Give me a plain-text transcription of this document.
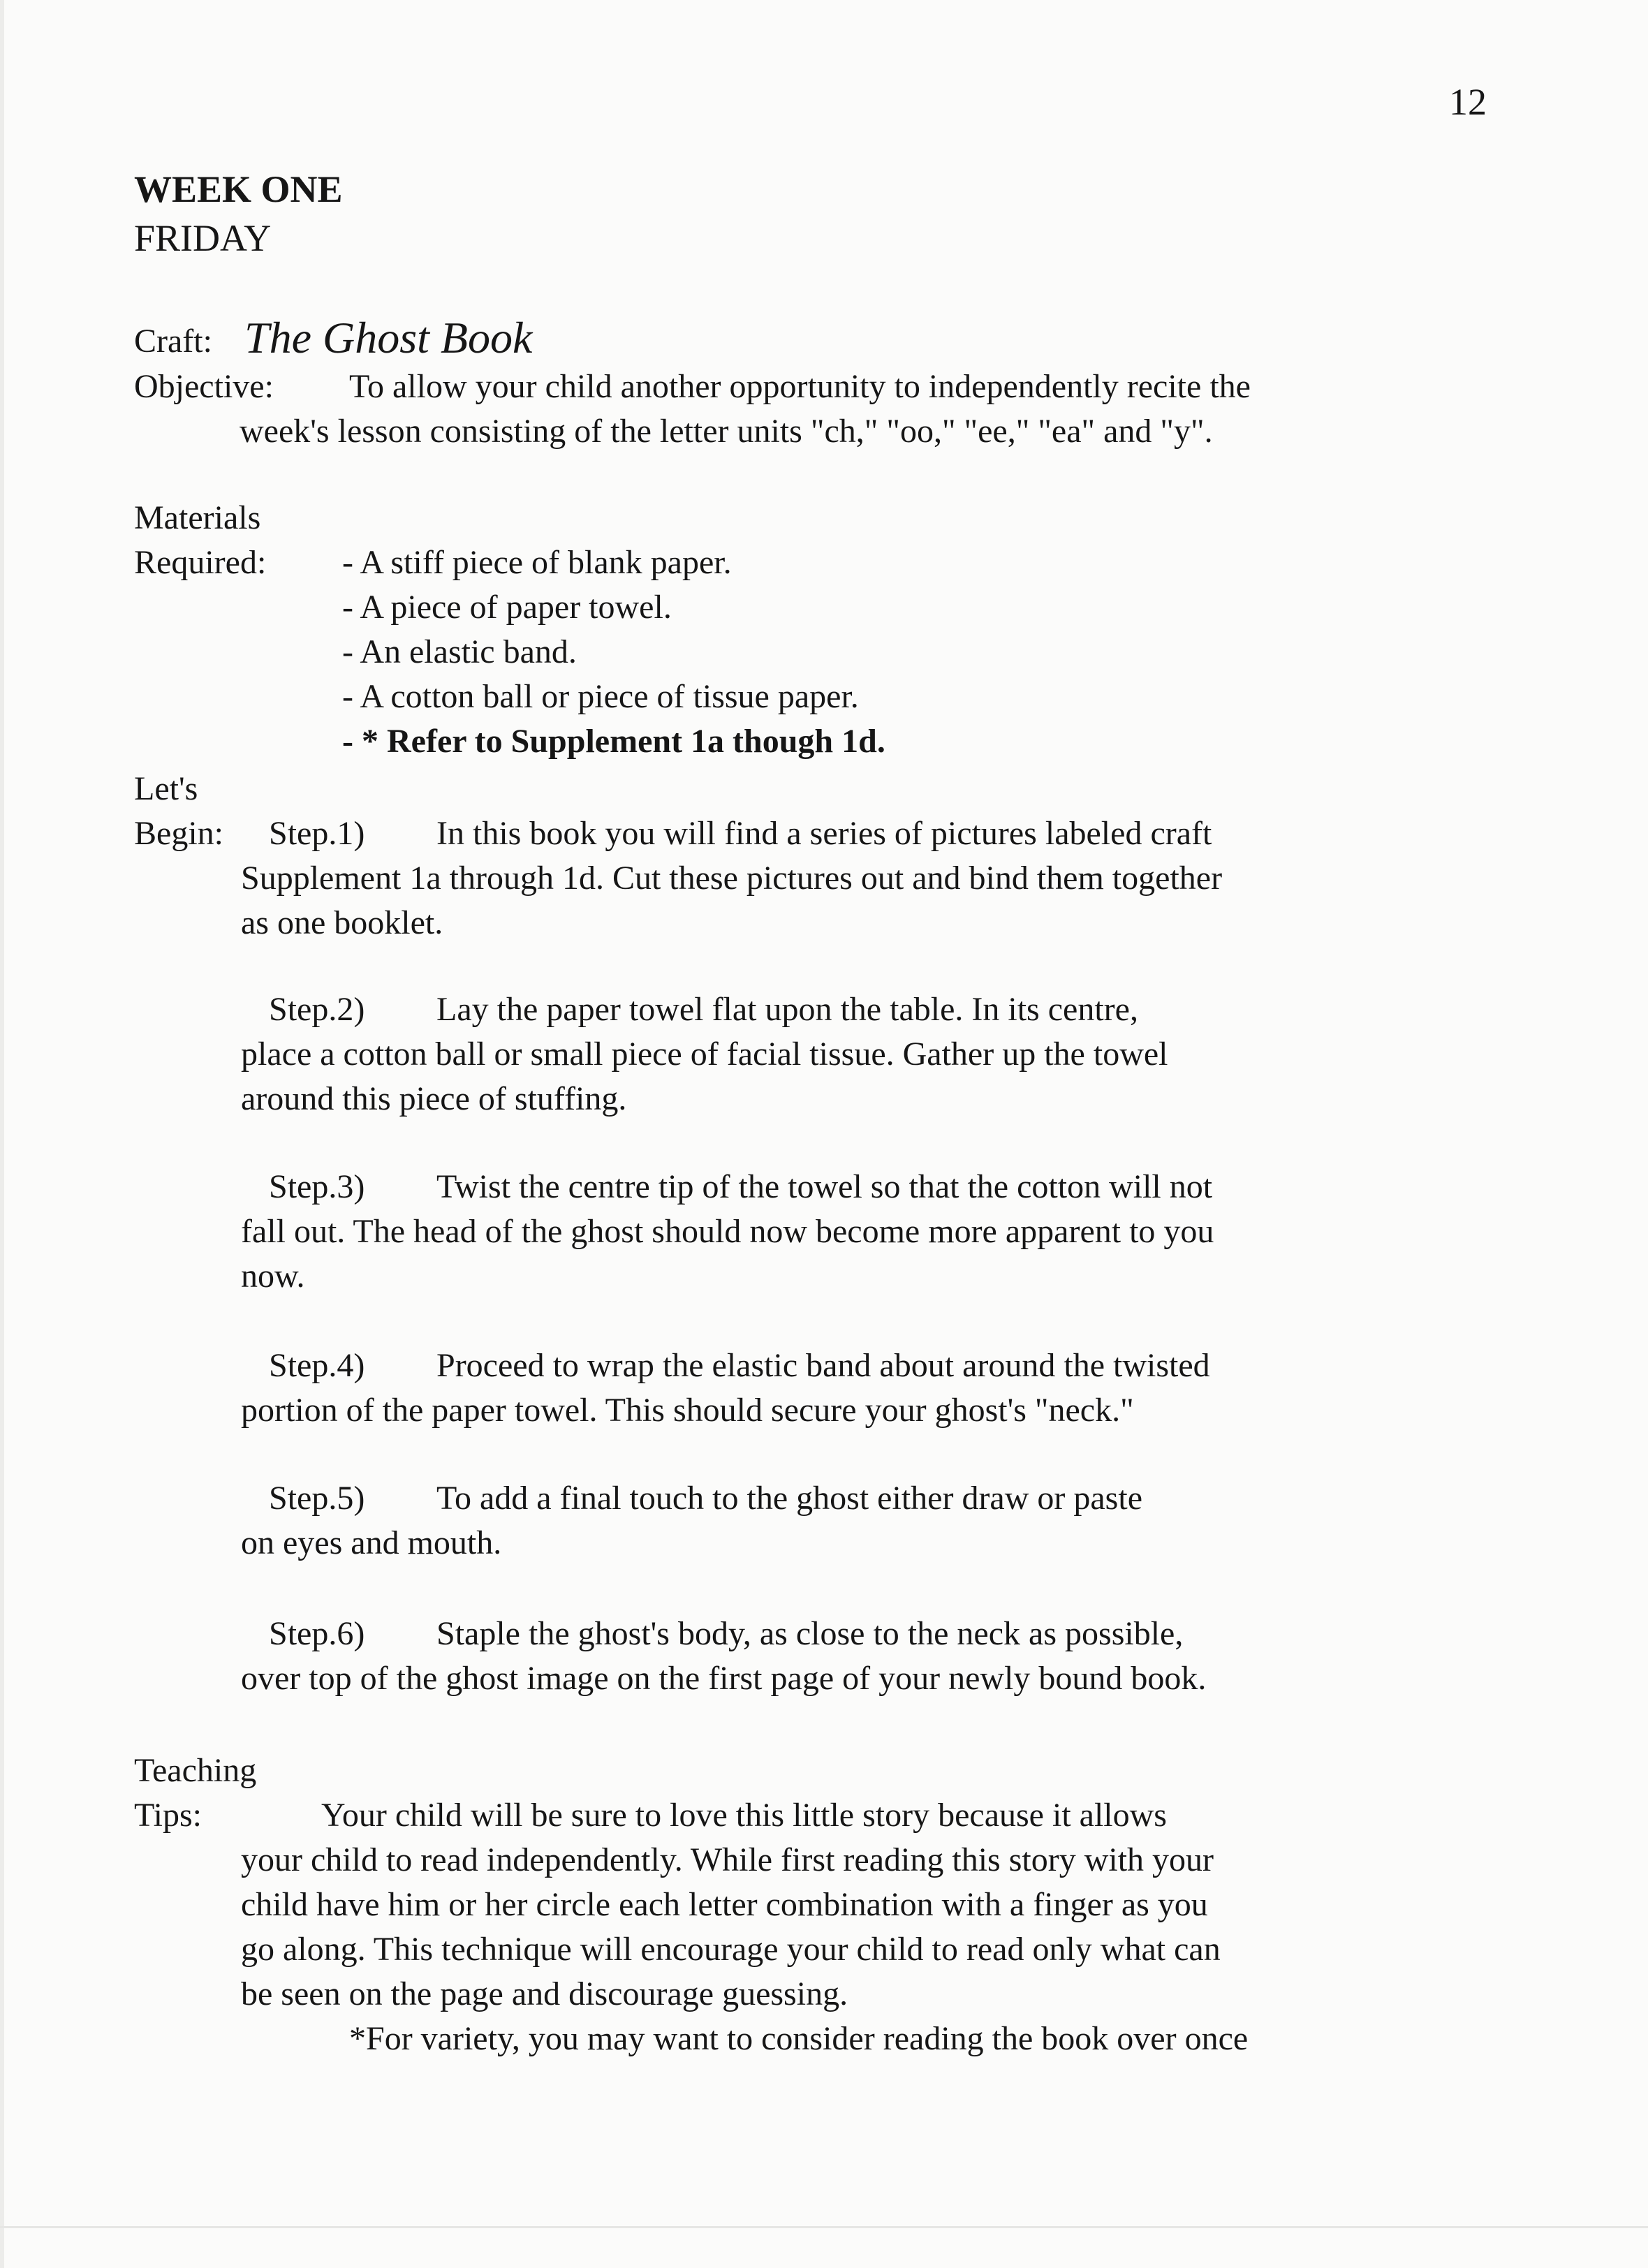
12
WEEK ONE
FRIDAY
Craft: The Ghost Book
Objective: To allow your child another opportunity to independently recite the
week's lesson consisting of the letter units "ch," "oo," "ee," "ea" and "y".
Materials
Required: - A stiff piece of blank paper.
- A piece of paper towel.
- An elastic band.
- A cotton ball or piece of tissue paper.
- * Refer to Supplement 1a though 1d.
Let's
Begin: Step.1) In this book you will find a series of pictures labeled craft
Supplement 1a through 1d. Cut these pictures out and bind them together
as one booklet.
Step.2) Lay the paper towel flat upon the table. In its centre,
place a cotton ball or small piece of facial tissue. Gather up the towel
around this piece of stuffing.
Step.3) Twist the centre tip of the towel so that the cotton will not
fall out. The head of the ghost should now become more apparent to you
now.
Step.4) Proceed to wrap the elastic band about around the twisted
portion of the paper towel. This should secure your ghost's "neck."
Step.5) To add a final touch to the ghost either draw or paste
on eyes and mouth.
Step.6) Staple the ghost's body, as close to the neck as possible,
over top of the ghost image on the first page of your newly bound book.
Teaching
Tips:	Your child will be sure to love this little story because it allows
your child to read independently. While first reading this story with your
child have him or her circle each letter combination with a finger as you
go along. This technique will encourage your child to read only what can
be seen on the page and discourage guessing.
*For variety, you may want to consider reading the book over once
